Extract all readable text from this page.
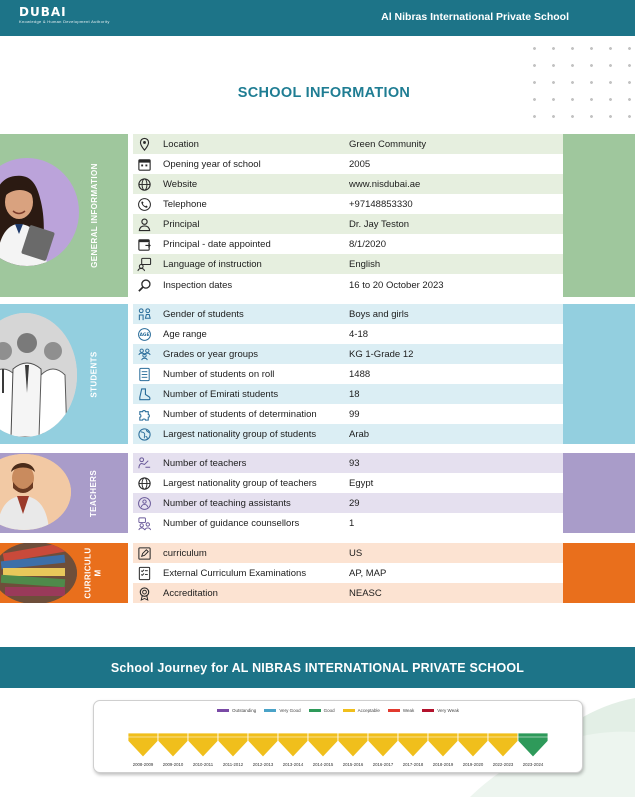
DUBAI
Knowledge & Human Development Authority	Al Nibras International Private School
SCHOOL INFORMATION
GENERAL INFORMATION
Location	Green Community
Opening year of school	2005
Website	www.nisdubai.ae
Telephone	+97148853330
Principal	Dr. Jay Teston
Principal - date appointed	8/1/2020
Language of instruction	English
Inspection dates	16 to 20 October 2023
STUDENTS
Gender of students	Boys and girls
AGE Age range	4-18
Grades or year groups	KG 1-Grade 12
Number of students on roll	1488
Number of Emirati students	18
Number of students of determination	99
Largest nationality group of students	Arab
TEACHERS
Number of teachers	93
Largest nationality group of teachers	Egypt
Number of teaching assistants	29
Number of guidance counsellors	1
CURRICULU M
curriculum	US
External Curriculum Examinations	AP, MAP
Accreditation	NEASC
School Journey for AL NIBRAS INTERNATIONAL PRIVATE SCHOOL
Outstanding	Very Good	Good	Acceptable	Weak	Very Weak
2008-2009	2009-2010	2010-2011	2011-2012	2012-2013	2013-2014	2014-2015	2015-2016	2016-2017	2017-2018	2018-2019	2019-2020	2022-2023	2023-2024
